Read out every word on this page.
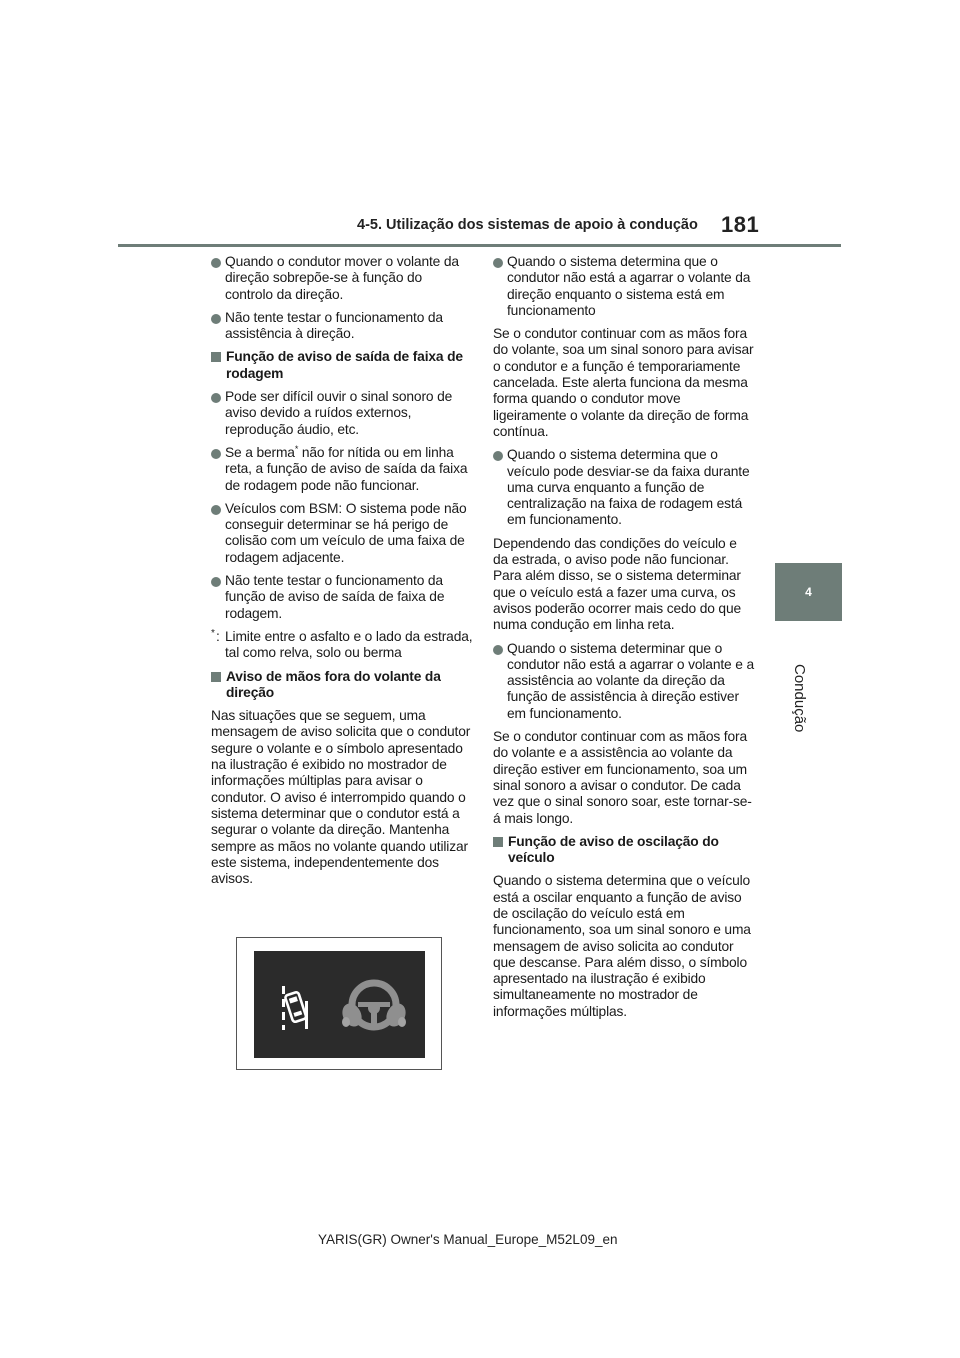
4-5. Utilização dos sistemas de apoio à condução 181
4
Condução
Quando o condutor mover o volante da direção sobrepõe-se à função do controlo da direção.
Não tente testar o funcionamento da assistência à direção.
Função de aviso de saída de faixa de rodagem
Pode ser difícil ouvir o sinal sonoro de aviso devido a ruídos externos, reprodução áudio, etc.
Se a berma* não for nítida ou em linha reta, a função de aviso de saída da faixa de rodagem pode não funcionar.
Veículos com BSM: O sistema pode não conseguir determinar se há perigo de colisão com um veículo de uma faixa de rodagem adjacente.
Não tente testar o funcionamento da função de aviso de saída de faixa de rodagem.
* : Limite entre o asfalto e o lado da estrada, tal como relva, solo ou berma
Aviso de mãos fora do volante da direção
Nas situações que se seguem, uma mensagem de aviso solicita que o condutor segure o volante e o símbolo apresentado na ilustração é exibido no mostrador de informações múltiplas para avisar o condutor. O aviso é interrompido quando o sistema determinar que o condutor está a segurar o volante da direção. Mantenha sempre as mãos no volante quando utilizar este sistema, independentemente dos avisos.
Quando o sistema determina que o condutor não está a agarrar o volante da direção enquanto o sistema está em funcionamento
Se o condutor continuar com as mãos fora do volante, soa um sinal sonoro para avisar o condutor e a função é temporariamente cancelada. Este alerta funciona da mesma forma quando o condutor move ligeiramente o volante da direção de forma contínua.
Quando o sistema determina que o veículo pode desviar-se da faixa durante uma curva enquanto a função de centralização na faixa de rodagem está em funcionamento.
Dependendo das condições do veículo e da estrada, o aviso pode não funcionar. Para além disso, se o sistema determinar que o veículo está a fazer uma curva, os avisos poderão ocorrer mais cedo do que numa condução em linha reta.
Quando o sistema determinar que o condutor não está a agarrar o volante e a assistência ao volante da direção da função de assistência à direção estiver em funcionamento.
Se o condutor continuar com as mãos fora do volante e a assistência ao volante da direção estiver em funcionamento, soa um sinal sonoro a avisar o condutor. De cada vez que o sinal sonoro soar, este tornar-se-á mais longo.
Função de aviso de oscilação do veículo
Quando o sistema determina que o veículo está a oscilar enquanto a função de aviso de oscilação do veículo está em funcionamento, soa um sinal sonoro e uma mensagem de aviso solicita ao condutor que descanse. Para além disso, o símbolo apresentado na ilustração é exibido simultaneamente no mostrador de informações múltiplas.
YARIS(GR) Owner's Manual_Europe_M52L09_en
